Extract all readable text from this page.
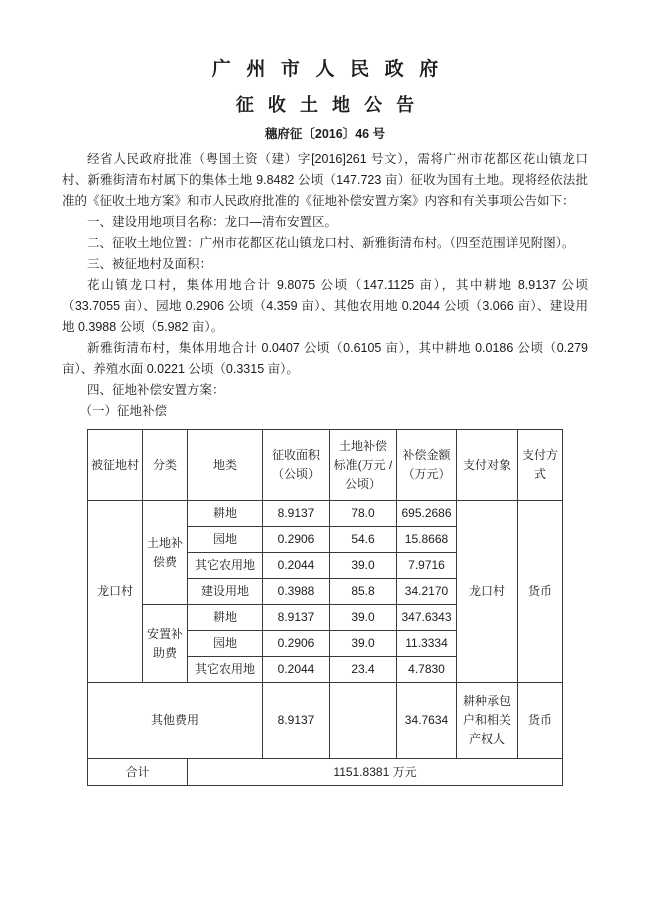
广州市人民政府
征收土地公告
穗府征〔2016〕46 号

经省人民政府批准（粤国土资（建）字[2016]261 号文），需将广州市花都区花山镇龙口村、新雅街清布村属下的集体土地 9.8482 公顷（147.723 亩）征收为国有土地。现将经依法批准的《征收土地方案》和市人民政府批准的《征地补偿安置方案》内容和有关事项公告如下：

一、建设用地项目名称：龙口—清布安置区。

二、征收土地位置：广州市花都区花山镇龙口村、新雅街清布村。（四至范围详见附图）。

三、被征地村及面积：

花山镇龙口村，集体用地合计 9.8075 公顷（147.1125 亩），其中耕地 8.9137 公顷（33.7055 亩）、园地 0.2906 公顷（4.359 亩）、其他农用地 0.2044 公顷（3.066 亩）、建设用地 0.3988 公顷（5.982 亩）。

新雅街清布村，集体用地合计 0.0407 公顷（0.6105 亩），其中耕地 0.0186 公顷（0.279 亩）、养殖水面 0.0221 公顷（0.3315 亩）。

四、征地补偿安置方案：

（一）征地补偿

被征地村	分类	地类	征收面积 （公顷）	土地补偿 标准(万元 /公顷）	补偿金额 （万元）	支付对象	支付方式
龙口村	土地补偿费	耕地	8.9137	78.0	695.2686	龙口村	货币
		园地	0.2906	54.6	15.8668		
		其它农用地	0.2044	39.0	7.9716		
		建设用地	0.3988	85.8	34.2170		
	安置补助费	耕地	8.9137	39.0	347.6343		
		园地	0.2906	39.0	11.3334		
		其它农用地	0.2044	23.4	4.7830		
其他费用			8.9137		34.7634	耕种承包户和相关产权人	货币
合计		1151.8381 万元					
